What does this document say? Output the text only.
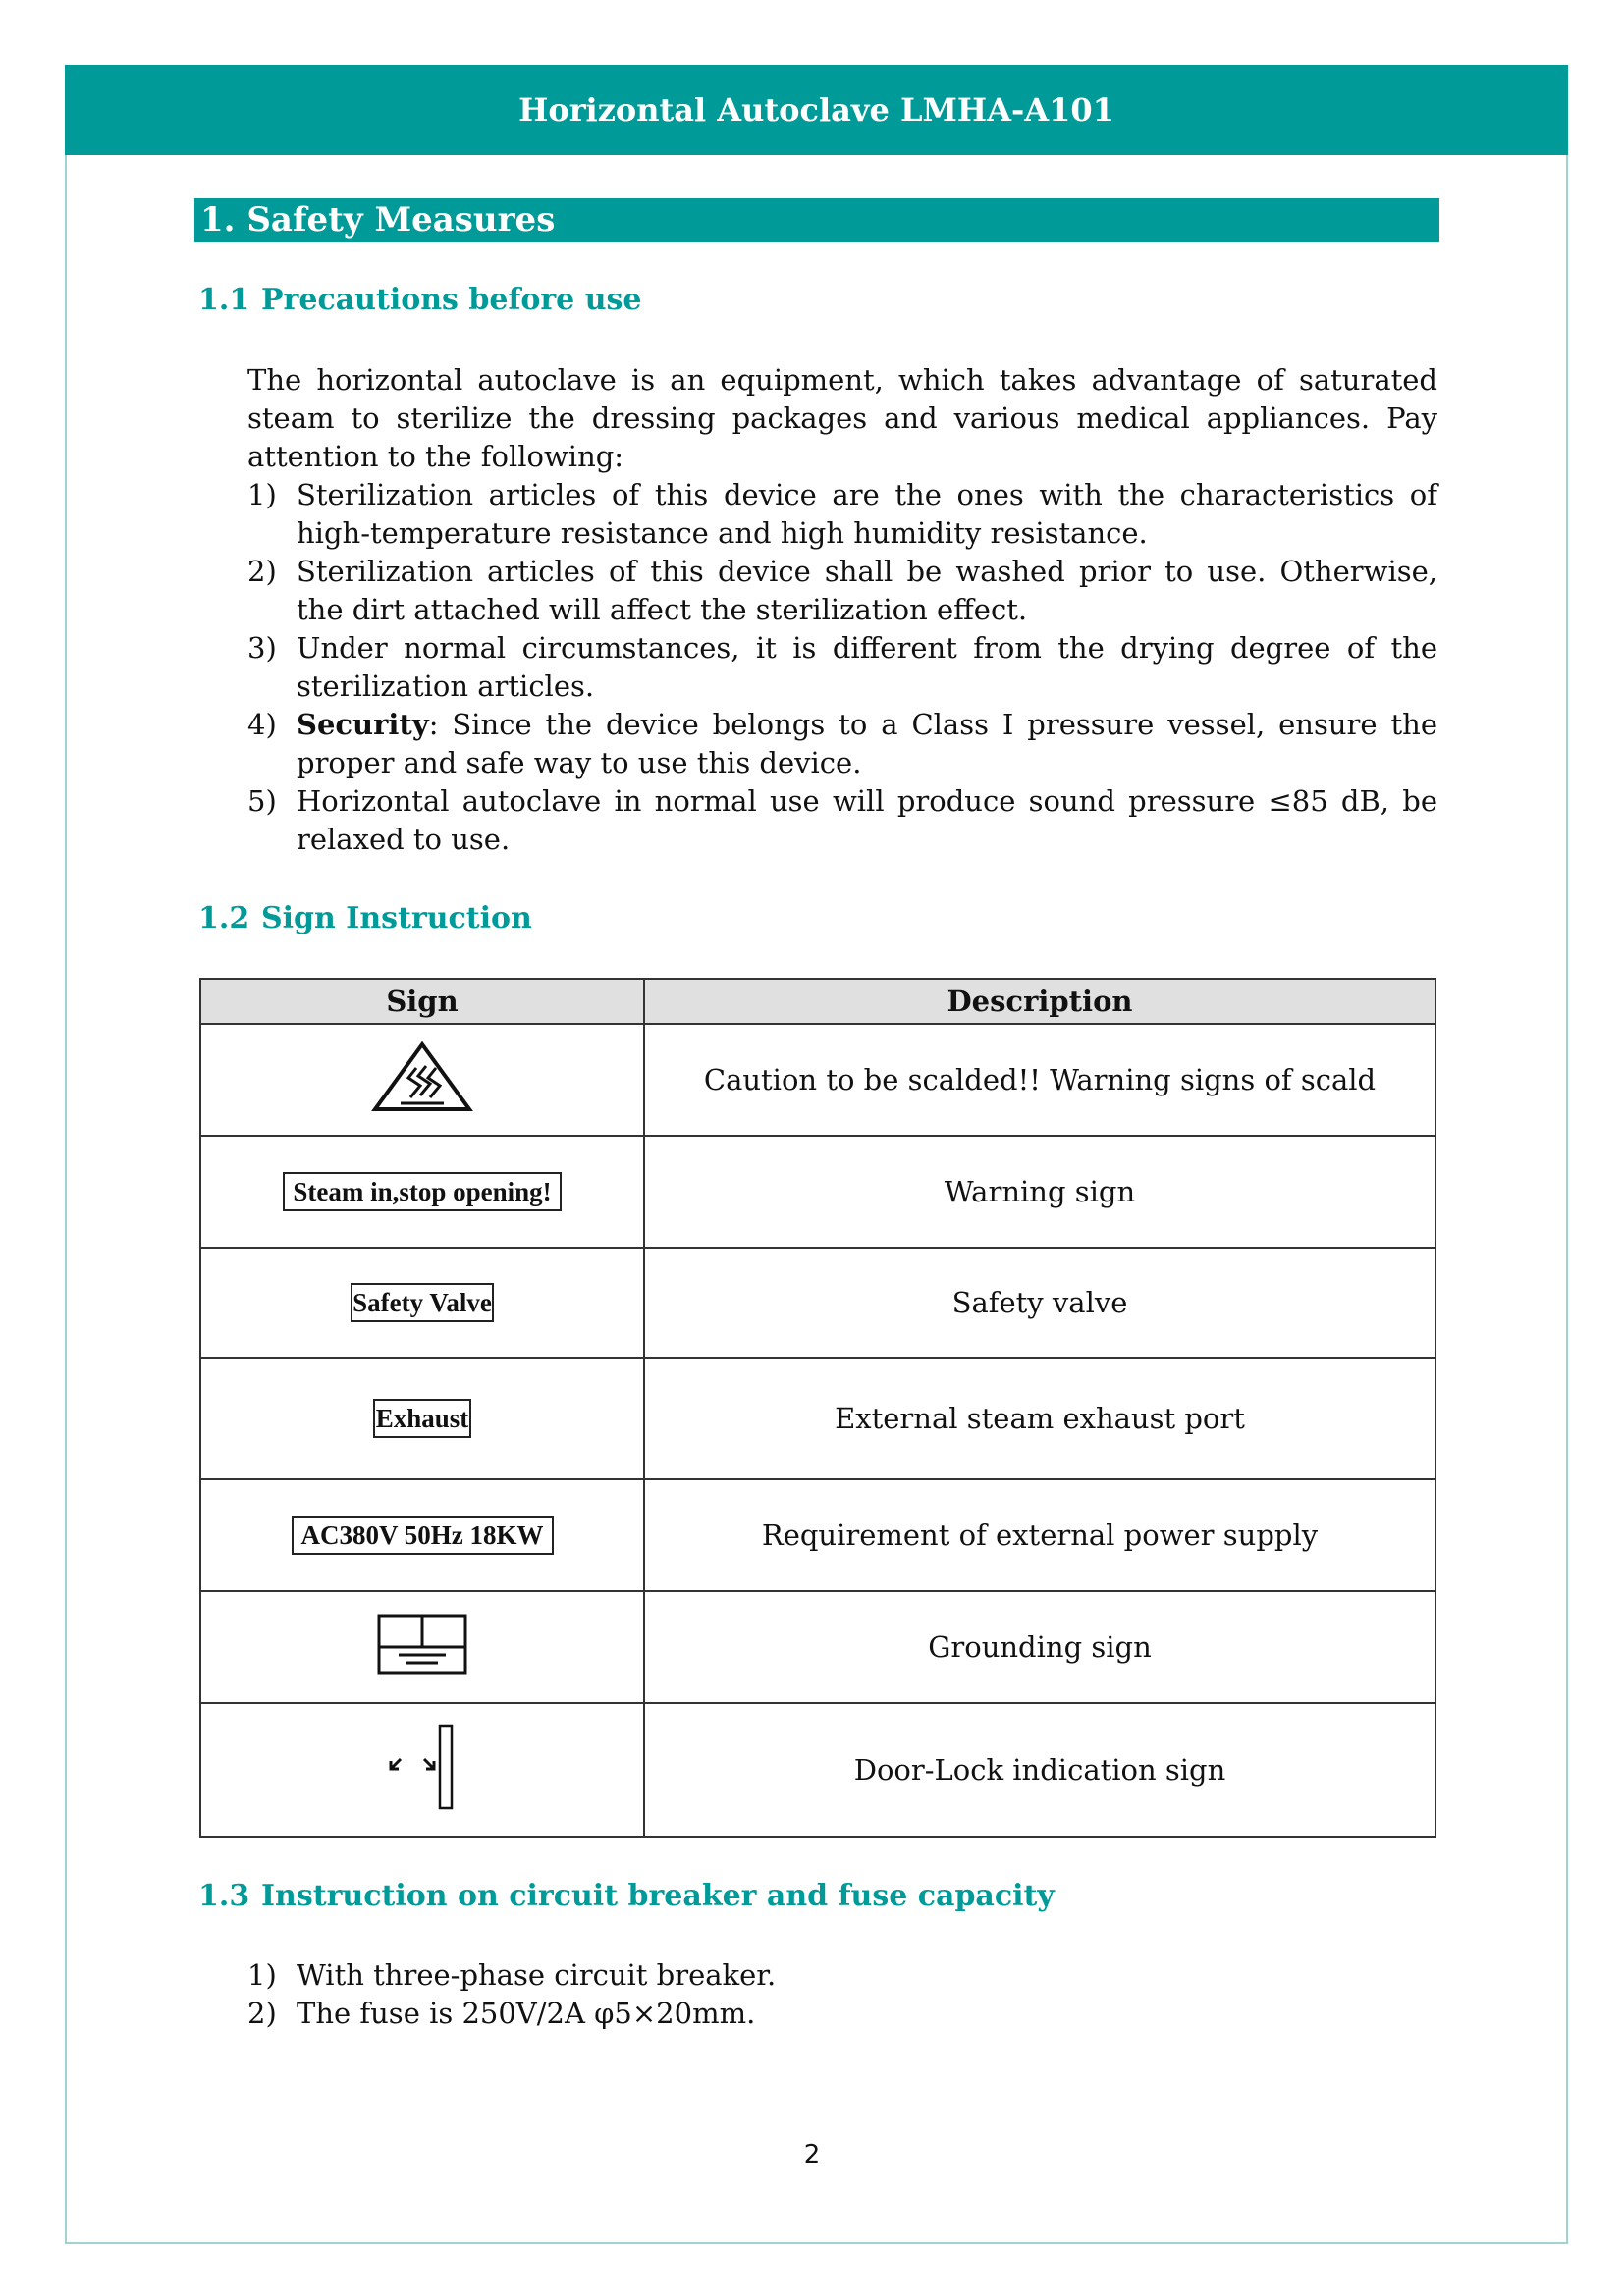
Horizontal Autoclave LMHA-A101
1. Safety Measures
1.1 Precautions before use
The horizontal autoclave is an equipment, which takes advantage of saturated steam to sterilize the dressing packages and various medical appliances. Pay attention to the following:
1) Sterilization articles of this device are the ones with the characteristics of high-temperature resistance and high humidity resistance.
2) Sterilization articles of this device shall be washed prior to use. Otherwise, the dirt attached will affect the sterilization effect.
3) Under normal circumstances, it is different from the drying degree of the sterilization articles.
4) Security: Since the device belongs to a Class I pressure vessel, ensure the proper and safe way to use this device.
5) Horizontal autoclave in normal use will produce sound pressure ≤85 dB, be relaxed to use.
1.2 Sign Instruction
Sign	Description
	Caution to be scalded!! Warning signs of scald
Steam in,stop opening!	Warning sign
Safety Valve	Safety valve
Exhaust	External steam exhaust port
AC380V 50Hz 18KW	Requirement of external power supply
	Grounding sign
	Door-Lock indication sign
1.3 Instruction on circuit breaker and fuse capacity
1) With three-phase circuit breaker.
2) The fuse is 250V/2A φ5×20mm.
2
